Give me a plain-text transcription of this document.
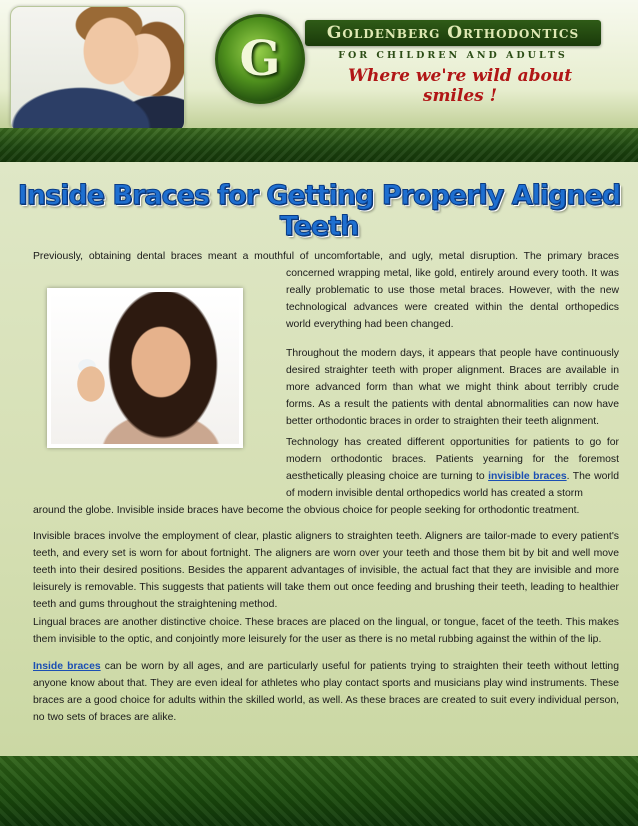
G	Goldenberg Orthodontics
FOR CHILDREN AND ADULTS
Where we're wild about smiles !
Inside Braces for Getting Properly Aligned Teeth
Previously, obtaining dental braces meant a mouthful of uncomfortable, and ugly, metal disruption. The primary braces concerned wrapping metal, like gold, entirely around every tooth. It was really problematic to use those metal braces. However, with the new technological advances were created within the dental orthopedics world everything had been changed.
Throughout the modern days, it appears that people have continuously desired straighter teeth with proper alignment. Braces are available in more advanced form than what we might think about terribly crude forms. As a result the patients with dental abnormalities can now have better orthodontic braces in order to straighten their teeth alignment.
Technology has created different opportunities for patients to go for modern orthodontic braces. Patients yearning for the foremost aesthetically pleasing choice are turning to invisible braces. The world of modern invisible dental orthopedics world has created a storm
around the globe. Invisible inside braces have become the obvious choice for people seeking for orthodontic treatment.
Invisible braces involve the employment of clear, plastic aligners to straighten teeth. Aligners are tailor-made to every patient's teeth, and every set is worn for about fortnight. The aligners are worn over your teeth and those them bit by bit and well move teeth into their desired positions. Besides the apparent advantages of invisible, the actual fact that they are invisible and more leisurely is removable. This suggests that patients will take them out once feeding and brushing their teeth, leading to healthier teeth and gums throughout the straightening method.
Lingual braces are another distinctive choice. These braces are placed on the lingual, or tongue, facet of the teeth. This makes them invisible to the optic, and conjointly more leisurely for the user as there is no metal rubbing against the within of the lip.
Inside braces can be worn by all ages, and are particularly useful for patients trying to straighten their teeth without letting anyone know about that. They are even ideal for athletes who play contact sports and musicians play wind instruments. These braces are a good choice for adults within the skilled world, as well. As these braces are created to suit every individual person, no two sets of braces are alike.
